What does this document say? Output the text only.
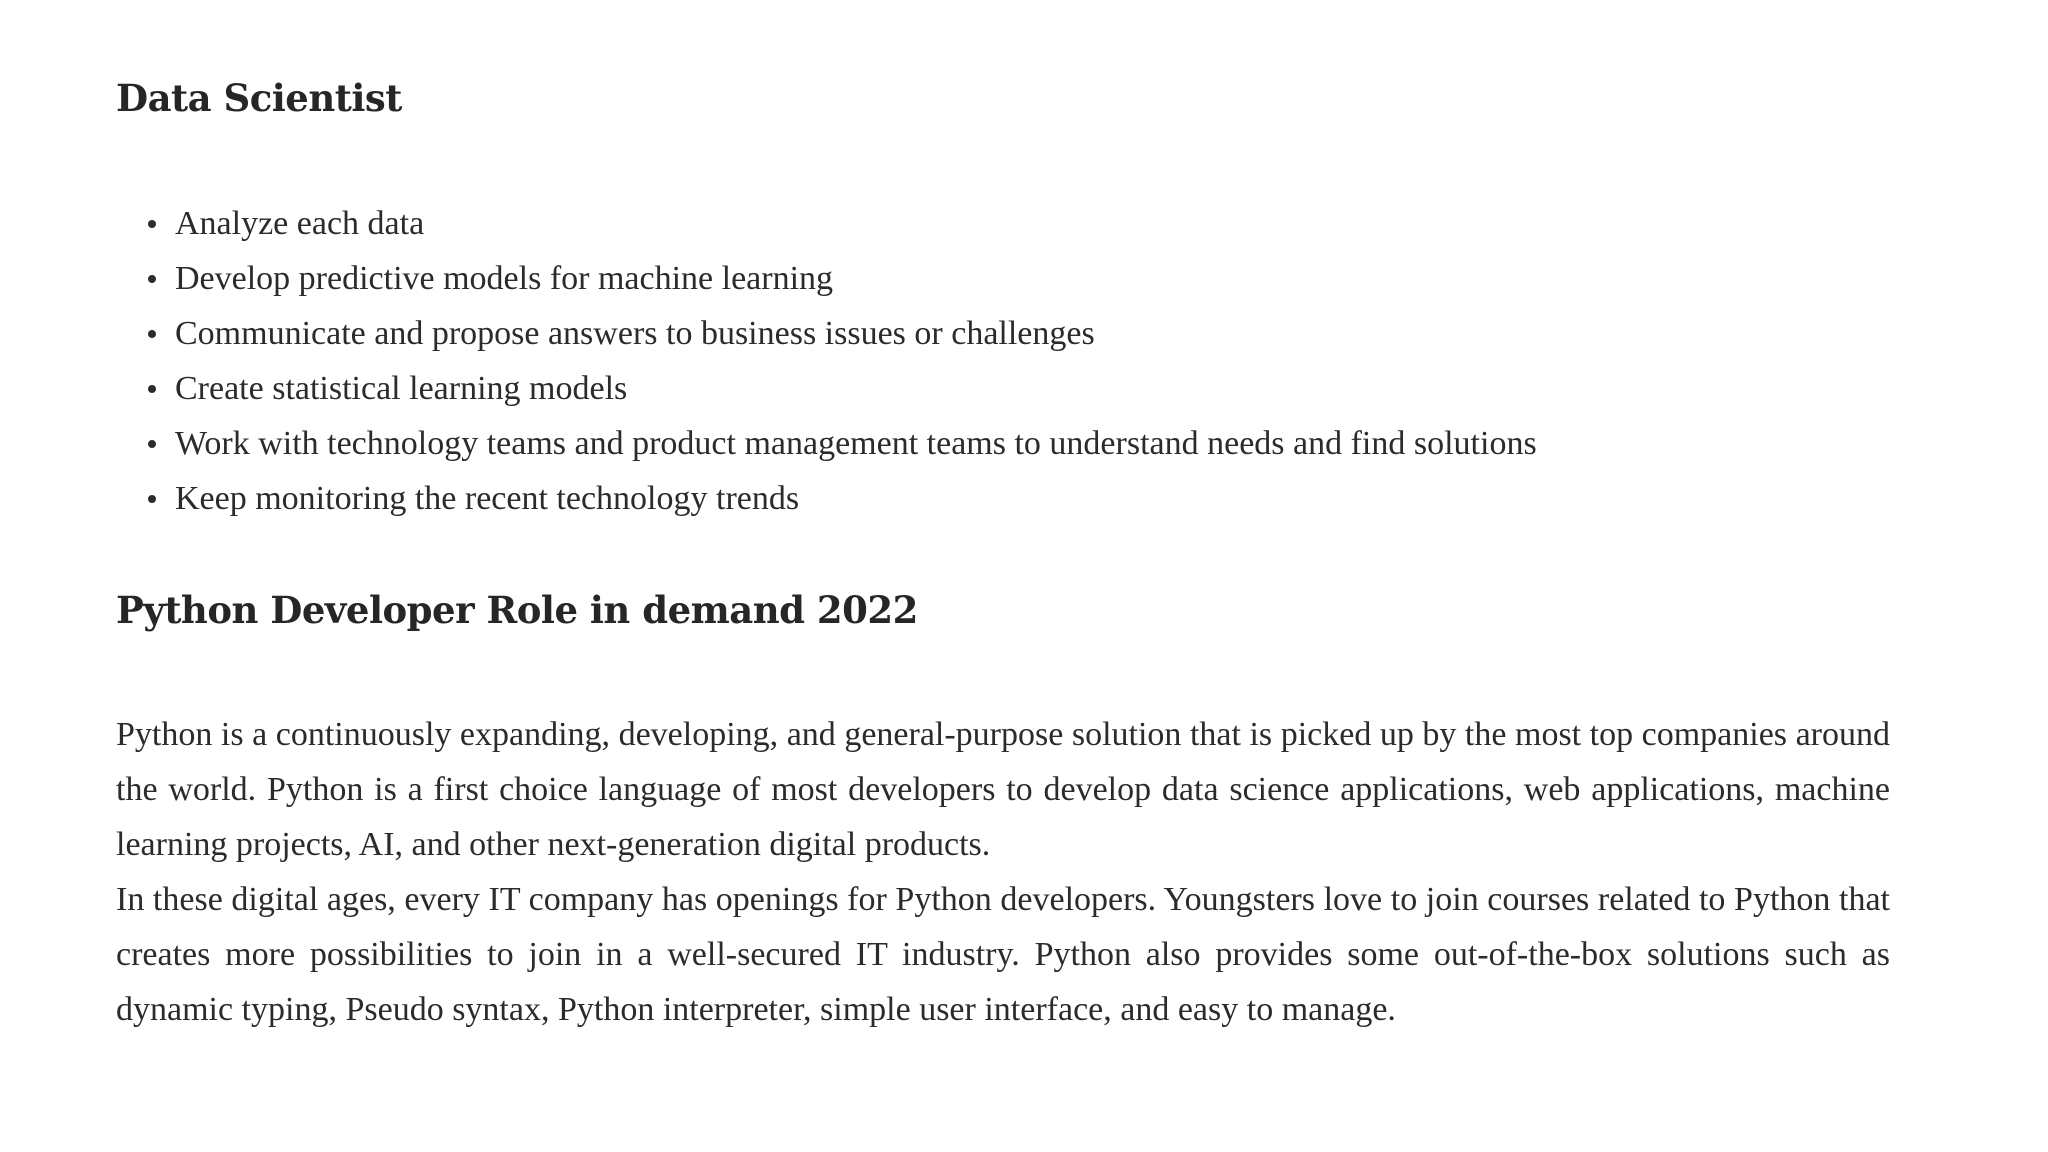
Data Scientist
Analyze each data
Develop predictive models for machine learning
Communicate and propose answers to business issues or challenges
Create statistical learning models
Work with technology teams and product management teams to understand needs and find solutions
Keep monitoring the recent technology trends
Python Developer Role in demand 2022

Python is a continuously expanding, developing, and general-purpose solution that is picked up by the most top companies around the world. Python is a first choice language of most developers to develop data science applications, web applications, machine learning projects, AI, and other next-generation digital products.

In these digital ages, every IT company has openings for Python developers. Youngsters love to join courses related to Python that creates more possibilities to join in a well-secured IT industry. Python also provides some out-of-the-box solutions such as dynamic typing, Pseudo syntax, Python interpreter, simple user interface, and easy to manage.
